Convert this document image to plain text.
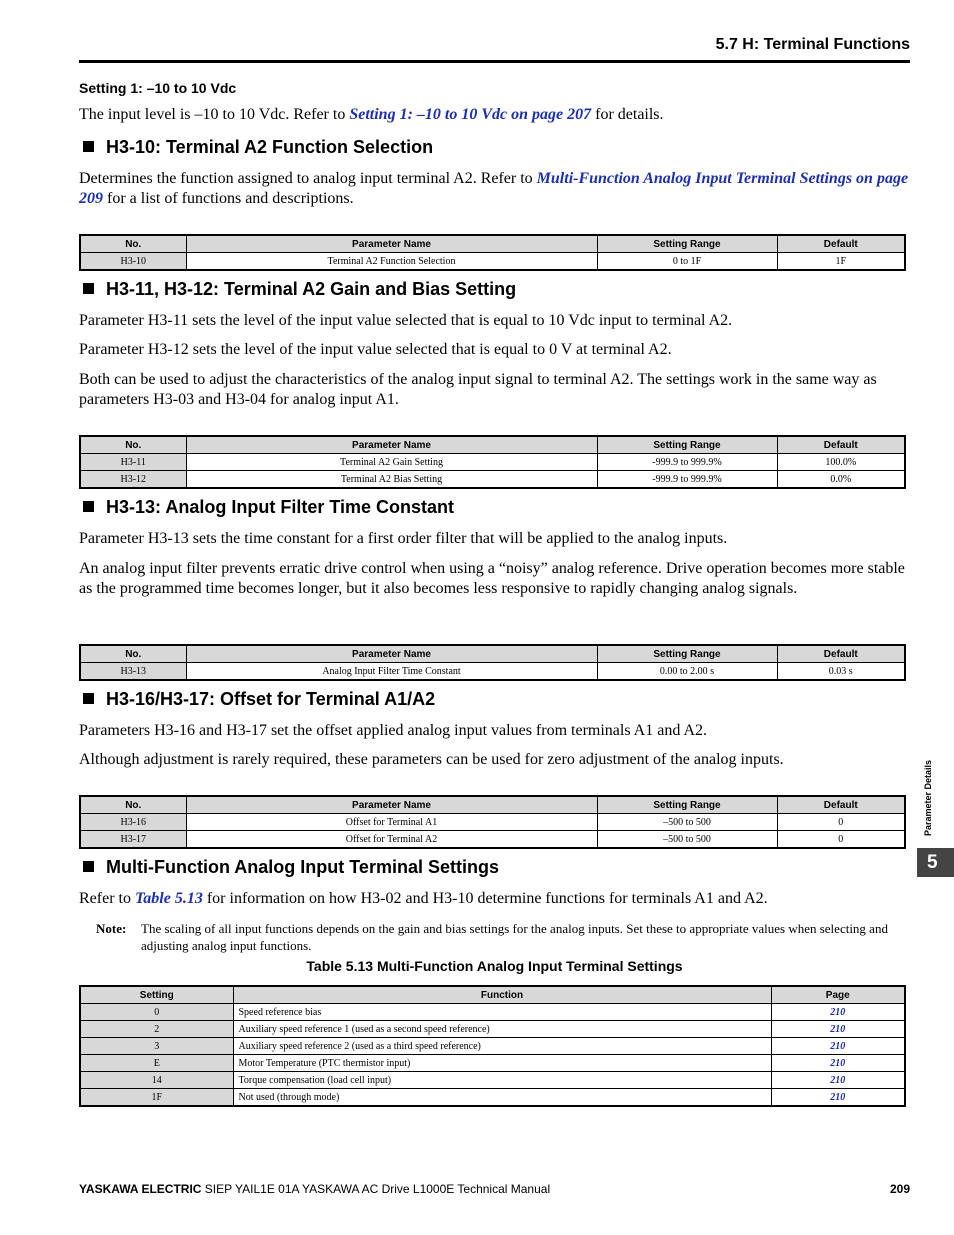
5.7 H: Terminal Functions
Setting 1: –10 to 10 Vdc
The input level is –10 to 10 Vdc. Refer to Setting 1: –10 to 10 Vdc on page 207 for details.
H3-10: Terminal A2 Function Selection
Determines the function assigned to analog input terminal A2. Refer to Multi-Function Analog Input Terminal Settings on page 209 for a list of functions and descriptions.
No.	Parameter Name	Setting Range	Default
H3-10	Terminal A2 Function Selection	0 to 1F	1F
H3-11, H3-12: Terminal A2 Gain and Bias Setting
Parameter H3-11 sets the level of the input value selected that is equal to 10 Vdc input to terminal A2.
Parameter H3-12 sets the level of the input value selected that is equal to 0 V at terminal A2.
Both can be used to adjust the characteristics of the analog input signal to terminal A2. The settings work in the same way as parameters H3-03 and H3-04 for analog input A1.
No.	Parameter Name	Setting Range	Default
H3-11	Terminal A2 Gain Setting	-999.9 to 999.9%	100.0%
H3-12	Terminal A2 Bias Setting	-999.9 to 999.9%	0.0%
H3-13: Analog Input Filter Time Constant
Parameter H3-13 sets the time constant for a first order filter that will be applied to the analog inputs.
An analog input filter prevents erratic drive control when using a “noisy” analog reference. Drive operation becomes more stable as the programmed time becomes longer, but it also becomes less responsive to rapidly changing analog signals.
No.	Parameter Name	Setting Range	Default
H3-13	Analog Input Filter Time Constant	0.00 to 2.00 s	0.03 s
H3-16/H3-17: Offset for Terminal A1/A2
Parameters H3-16 and H3-17 set the offset applied analog input values from terminals A1 and A2.
Although adjustment is rarely required, these parameters can be used for zero adjustment of the analog inputs.
No.	Parameter Name	Setting Range	Default
H3-16	Offset for Terminal A1	–500 to 500	0
H3-17	Offset for Terminal A2	–500 to 500	0
Multi-Function Analog Input Terminal Settings
Refer to Table 5.13 for information on how H3-02 and H3-10 determine functions for terminals A1 and A2.
Note:	The scaling of all input functions depends on the gain and bias settings for the analog inputs. Set these to appropriate values when selecting and adjusting analog input functions.
Table 5.13 Multi-Function Analog Input Terminal Settings
Setting	Function	Page
0	Speed reference bias	210
2	Auxiliary speed reference 1 (used as a second speed reference)	210
3	Auxiliary speed reference 2 (used as a third speed reference)	210
E	Motor Temperature (PTC thermistor input)	210
14	Torque compensation (load cell input)	210
1F	Not used (through mode)	210
Parameter Details
5
YASKAWA ELECTRIC SIEP YAIL1E 01A YASKAWA AC Drive L1000E Technical Manual	209
